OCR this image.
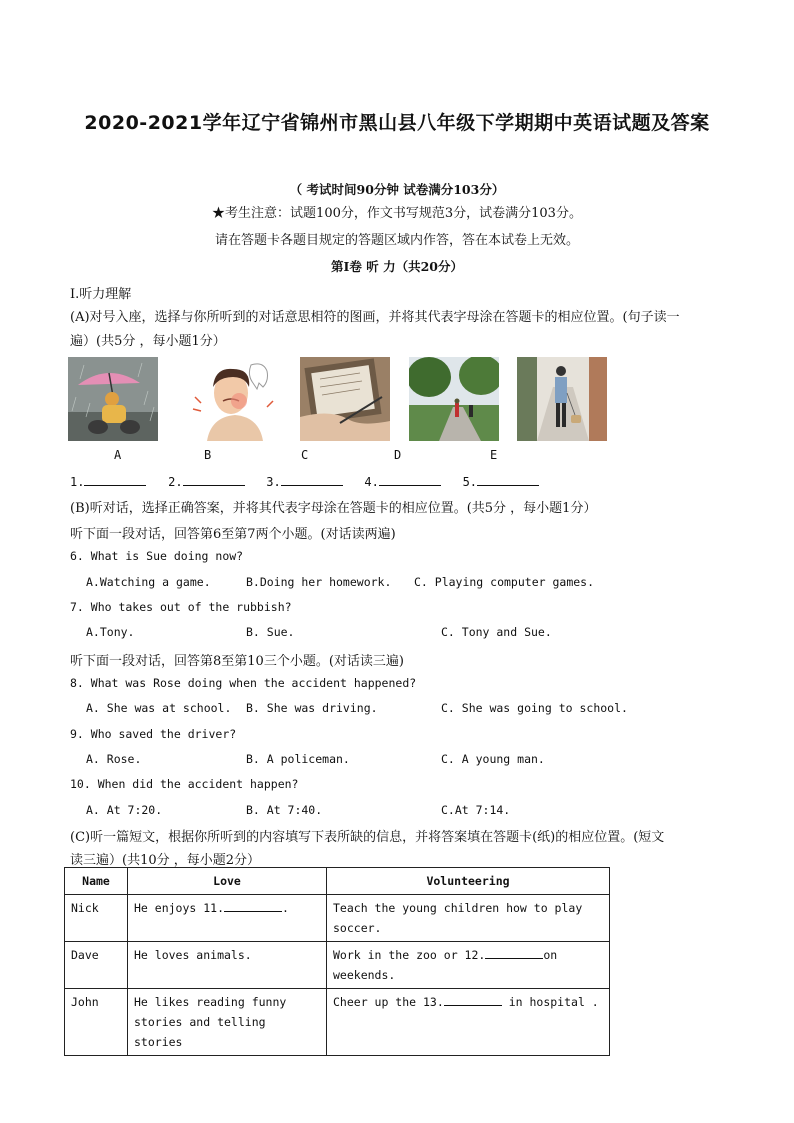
2020-2021学年辽宁省锦州市黑山县八年级下学期期中英语试题及答案
（ 考试时间90分钟 试卷满分103分）
★考生注意：试题100分，作文书写规范3分，试卷满分103分。
请在答题卡各题目规定的答题区域内作答，答在本试卷上无效。
第Ⅰ卷 听 力（共20分）
I.听力理解
(A)对号入座，选择与你所听到的对话意思相符的图画，并将其代表字母涂在答题卡的相应位置。(句子读一
遍）(共5分 ，每小题1分）
A	B	C	D	E
1.	2.	3.	4.	5.
(B)听对话，选择正确答案，并将其代表字母涂在答题卡的相应位置。(共5分 ，每小题1分）
听下面一段对话，回答第6至第7两个小题。(对话读两遍)
6. What is Sue doing now?
A.Watching a game.	B.Doing her homework. C. Playing computer games.
7. Who takes out of the rubbish?
A.Tony.	B. Sue.	C. Tony and Sue.
听下面一段对话，回答第8至第10三个小题。(对话读三遍)
8. What was Rose doing when the accident happened?
A. She was at school. B. She was driving.	C. She was going to school.
9. Who saved the driver?
A. Rose.	B. A policeman.	C. A young man.
10. When did the accident happen?
A. At 7:20.	B. At 7:40.	C.At 7:14.
(C)听一篇短文，根据你所听到的内容填写下表所缺的信息，并将答案填在答题卡(纸)的相应位置。(短文
读三遍）(共10分 ，每小题2分）
Name	Love	Volunteering
Nick	He enjoys 11. .	Teach the young children how to play
soccer.
Dave	He loves animals.	Work in the zoo or 12. on
weekends.
John	He likes reading funny
stories and telling stories	Cheer up the 13. in hospital .
